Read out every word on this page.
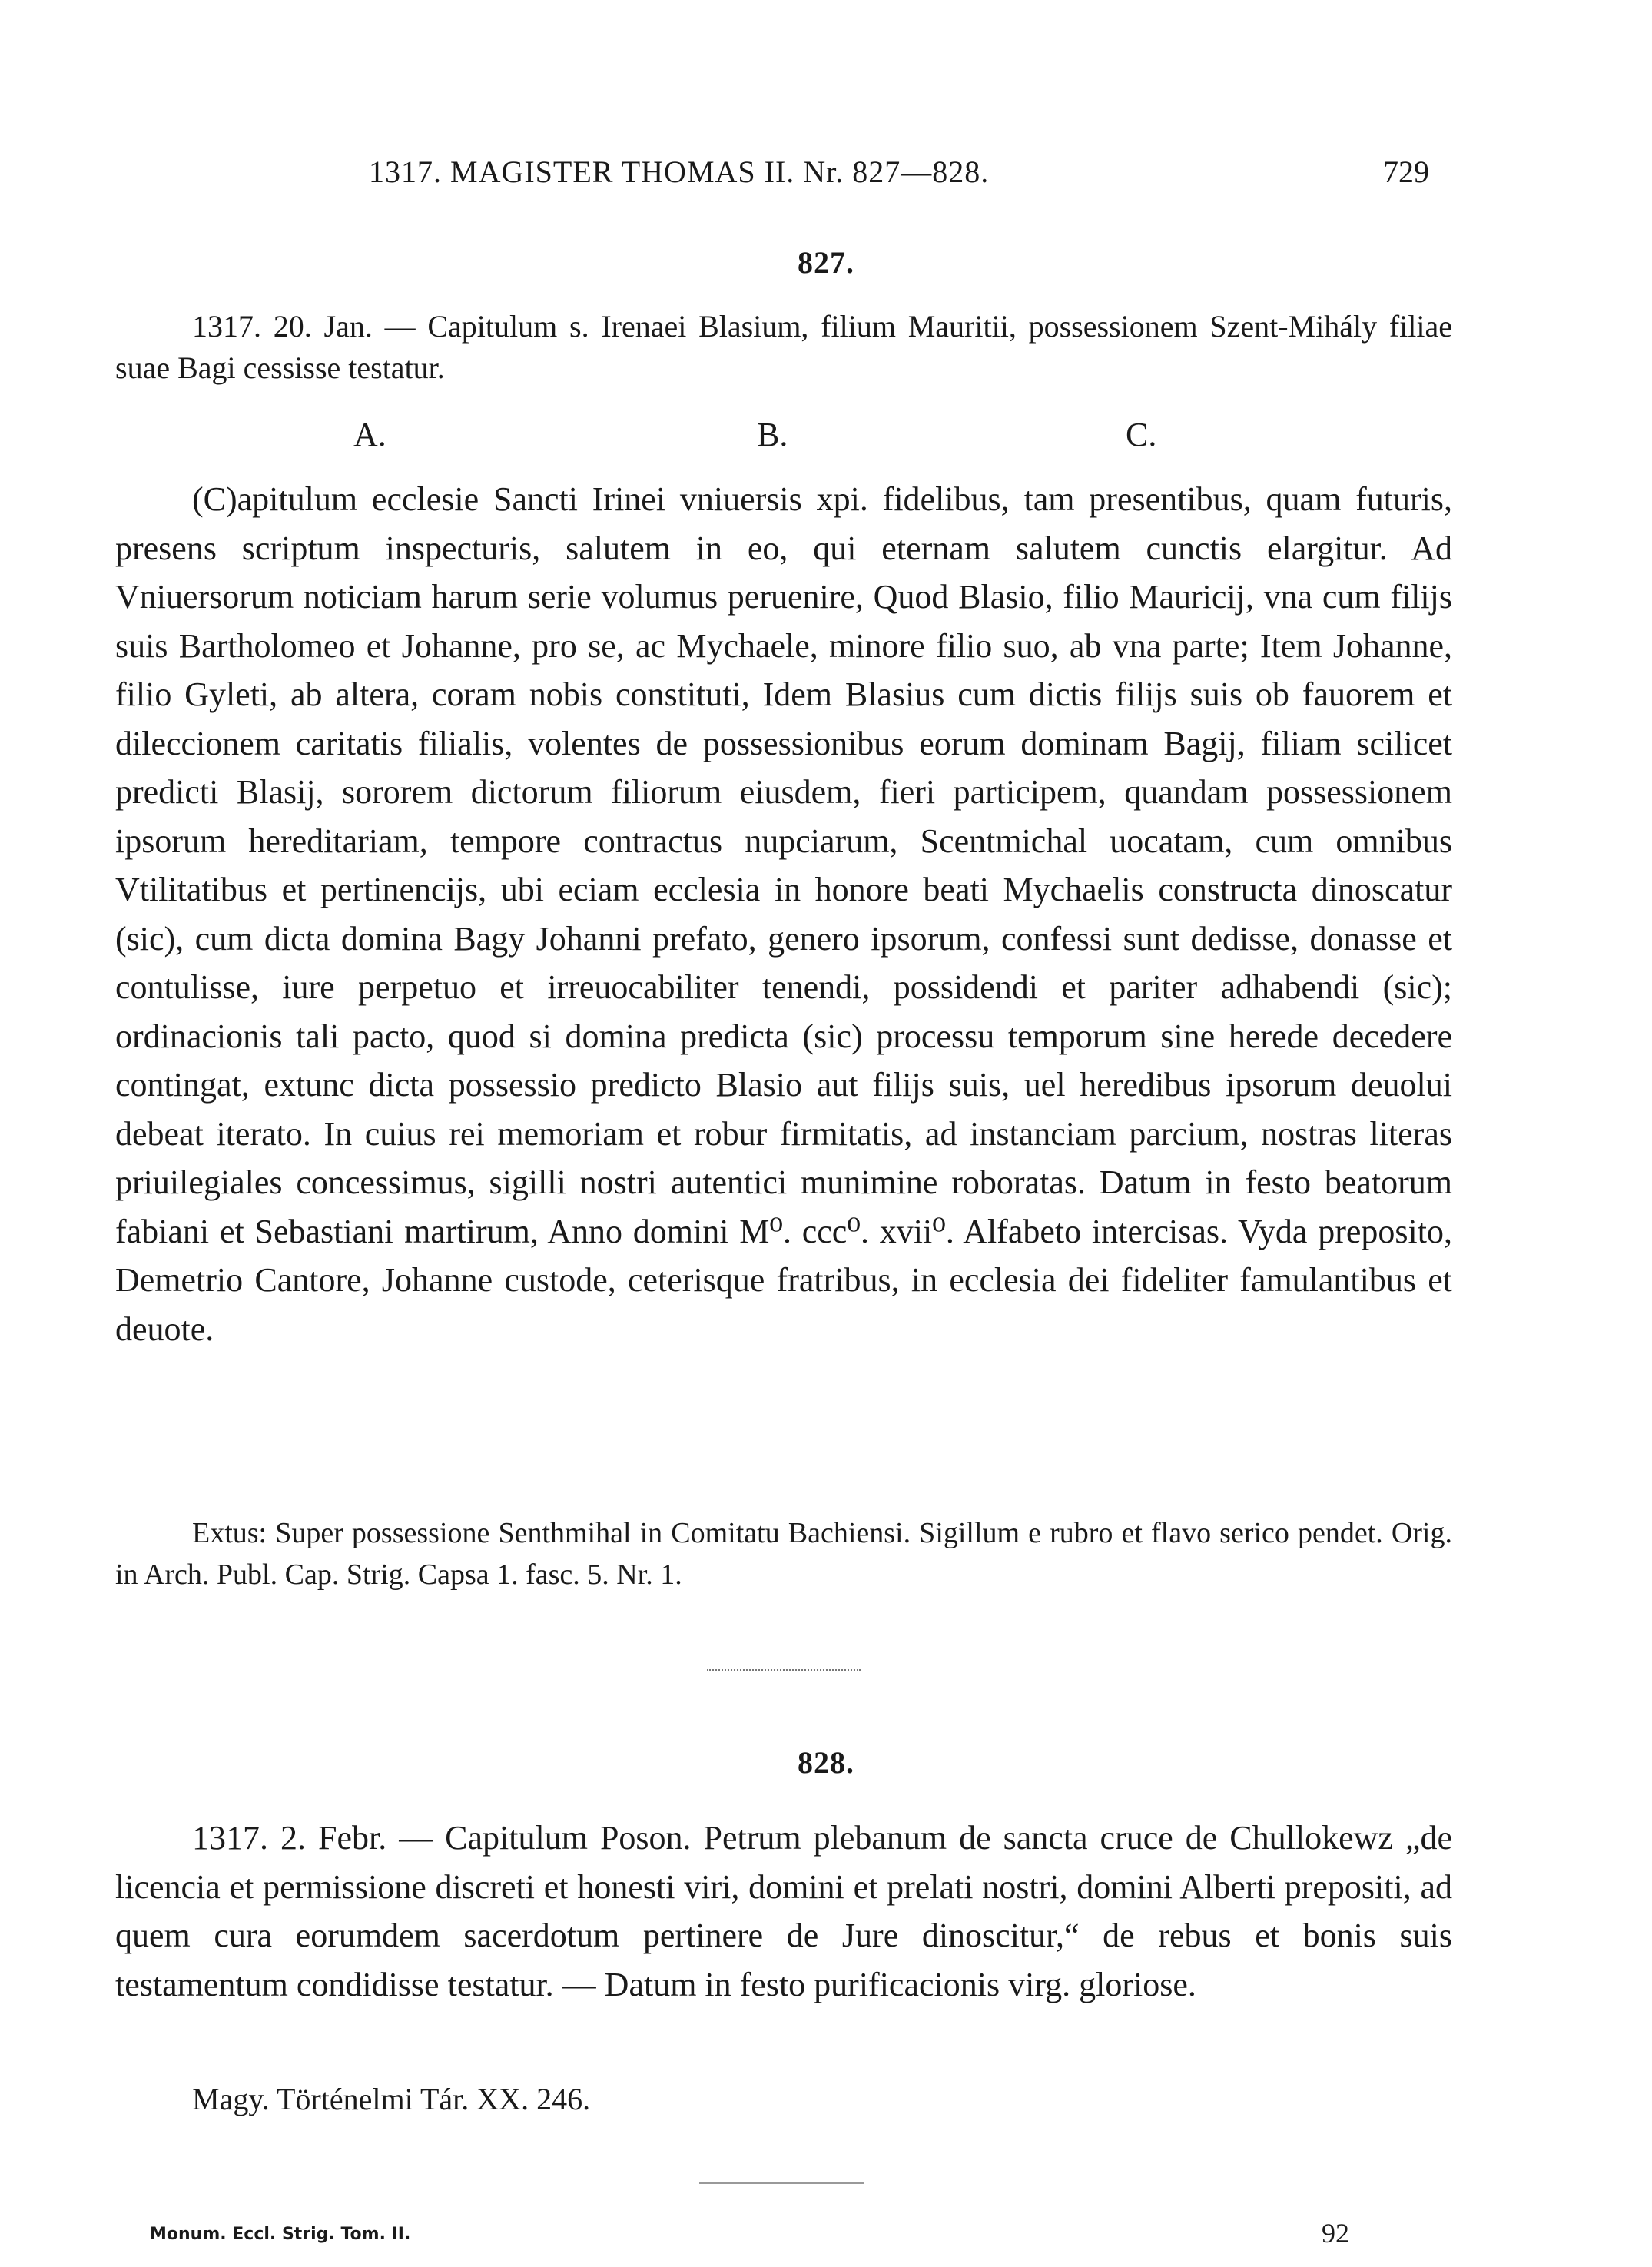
1317. MAGISTER THOMAS II. Nr. 827—828.	729
827.

1317. 20. Jan. — Capitulum s. Irenaei Blasium, filium Mauritii, possessionem Szent-Mihály filiae suae Bagi cessisse testatur.

A.	B.	C.

(C)apitulum ecclesie Sancti Irinei vniuersis xpi. fidelibus, tam presentibus, quam futuris, presens scriptum inspecturis, salutem in eo, qui eternam salutem cunctis elargitur. Ad Vniuersorum noticiam harum serie volumus peruenire, Quod Blasio, filio Mauricij, vna cum filijs suis Bartholomeo et Johanne, pro se, ac Mychaele, minore filio suo, ab vna parte; Item Johanne, filio Gyleti, ab altera, coram nobis constituti, Idem Blasius cum dictis filijs suis ob fauorem et dileccionem caritatis filialis, volentes de possessionibus eorum dominam Bagij, filiam scilicet predicti Blasij, sororem dictorum filiorum eiusdem, fieri participem, quandam possessionem ipsorum hereditariam, tempore contractus nupciarum, Scentmichal uocatam, cum omnibus Vtilitatibus et pertinencijs, ubi eciam ecclesia in honore beati Mychaelis constructa dinoscatur (sic), cum dicta domina Bagy Johanni prefato, genero ipsorum, confessi sunt dedisse, donasse et contulisse, iure perpetuo et irreuocabiliter tenendi, possidendi et pariter adhabendi (sic); ordinacionis tali pacto, quod si domina predicta (sic) processu temporum sine herede decedere contingat, extunc dicta possessio predicto Blasio aut filijs suis, uel heredibus ipsorum deuolui debeat iterato. In cuius rei memoriam et robur firmitatis, ad instanciam parcium, nostras literas priuilegiales concessimus, sigilli nostri autentici munimine roboratas. Datum in festo beatorum fabiani et Sebastiani martirum, Anno domini M⁰. ccc⁰. xvii⁰. Alfabeto intercisas. Vyda preposito, Demetrio Cantore, Johanne custode, ceterisque fratribus, in ecclesia dei fideliter famulantibus et deuote.

Extus: Super possessione Senthmihal in Comitatu Bachiensi. Sigillum e rubro et flavo serico pendet. Orig. in Arch. Publ. Cap. Strig. Capsa 1. fasc. 5. Nr. 1.

828.

1317. 2. Febr. — Capitulum Poson. Petrum plebanum de sancta cruce de Chullokewz „de licencia et permissione discreti et honesti viri, domini et prelati nostri, domini Alberti prepositi, ad quem cura eorumdem sacerdotum pertinere de Jure dinoscitur,“ de rebus et bonis suis testamentum condidisse testatur. — Datum in festo purificacionis virg. gloriose.

Magy. Történelmi Tár. XX. 246.

Monum. Eccl. Strig. Tom. II.	92
